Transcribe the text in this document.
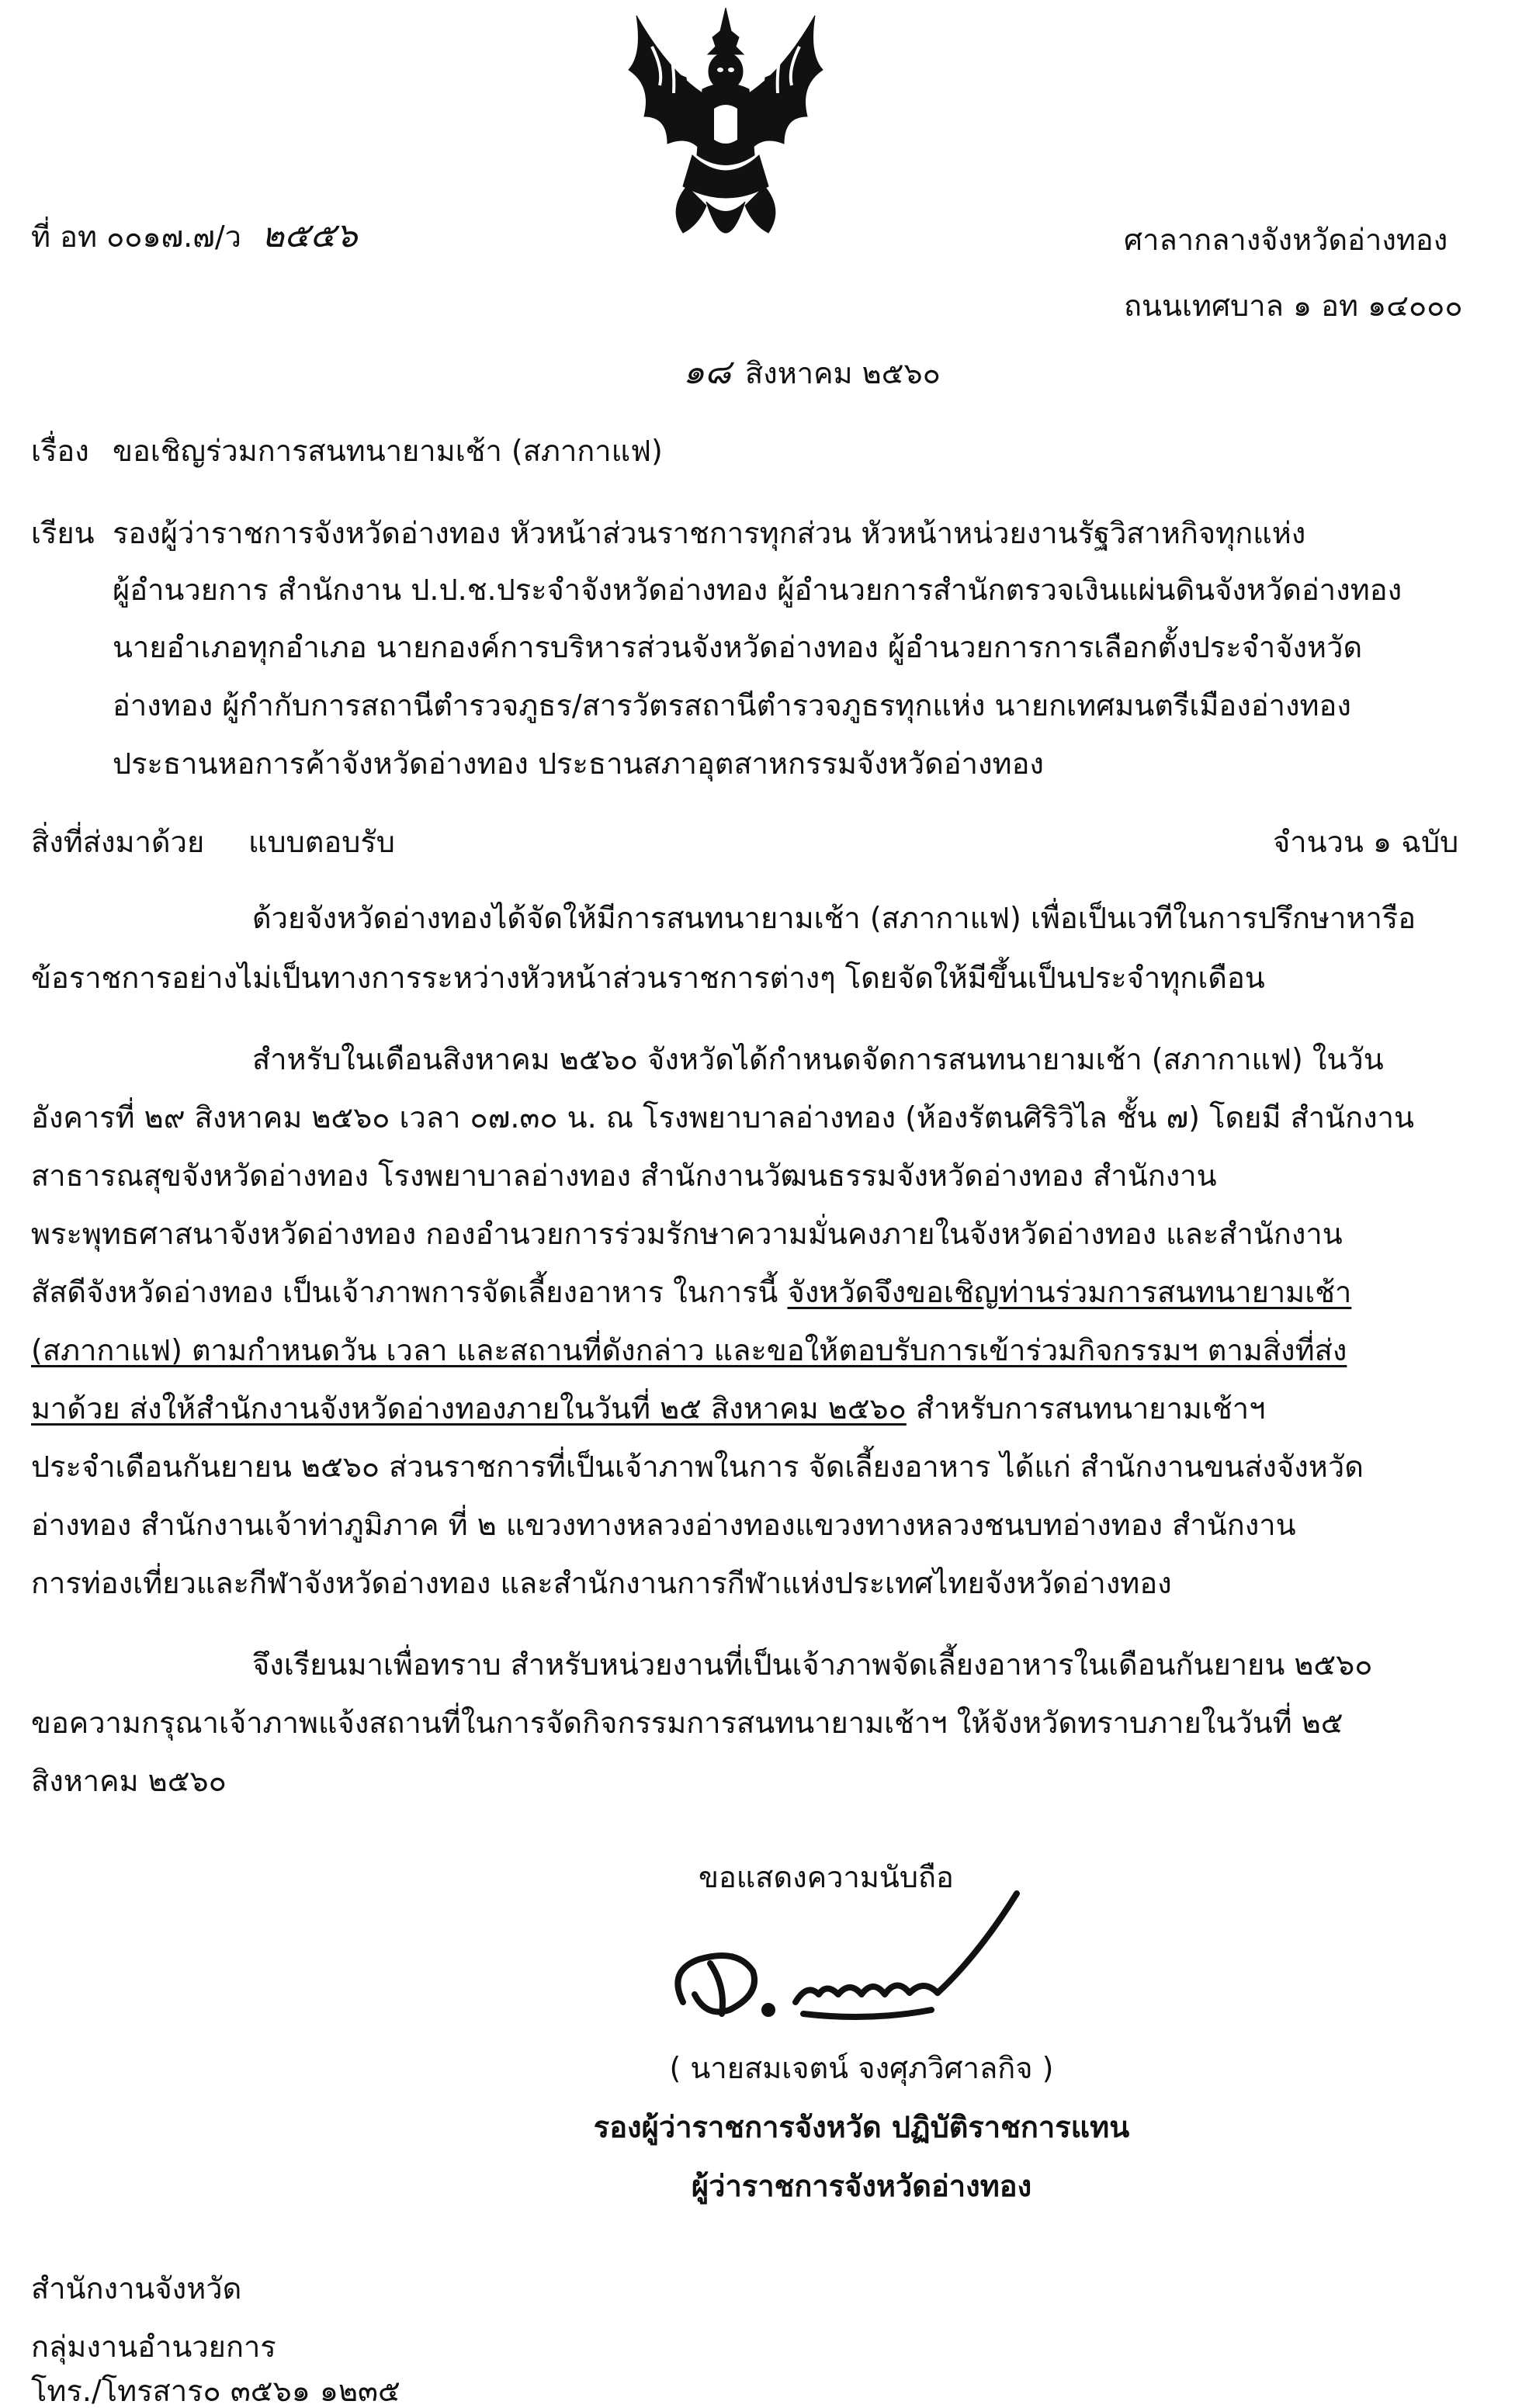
ที่ อท ๐๐๑๗.๗/ว ๒๕๕๖	ศาลากลางจังหวัดอ่างทอง
ถนนเทศบาล ๑ อท ๑๔๐๐๐
๑๘ สิงหาคม ๒๕๖๐
เรื่อง ขอเชิญร่วมการสนทนายามเช้า (สภากาแฟ)
เรียน รองผู้ว่าราชการจังหวัดอ่างทอง หัวหน้าส่วนราชการทุกส่วน หัวหน้าหน่วยงานรัฐวิสาหกิจทุกแห่ง
ผู้อำนวยการ สำนักงาน ป.ป.ช.ประจำจังหวัดอ่างทอง ผู้อำนวยการสำนักตรวจเงินแผ่นดินจังหวัดอ่างทอง
นายอำเภอทุกอำเภอ นายกองค์การบริหารส่วนจังหวัดอ่างทอง ผู้อำนวยการการเลือกตั้งประจำจังหวัด
อ่างทอง ผู้กำกับการสถานีตำรวจภูธร/สารวัตรสถานีตำรวจภูธรทุกแห่ง นายกเทศมนตรีเมืองอ่างทอง
ประธานหอการค้าจังหวัดอ่างทอง ประธานสภาอุตสาหกรรมจังหวัดอ่างทอง
สิ่งที่ส่งมาด้วย แบบตอบรับ	จำนวน ๑ ฉบับ
ด้วยจังหวัดอ่างทองได้จัดให้มีการสนทนายามเช้า (สภากาแฟ) เพื่อเป็นเวทีในการปรึกษาหารือ
ข้อราชการอย่างไม่เป็นทางการระหว่างหัวหน้าส่วนราชการต่างๆ โดยจัดให้มีขึ้นเป็นประจำทุกเดือน
สำหรับในเดือนสิงหาคม ๒๕๖๐ จังหวัดได้กำหนดจัดการสนทนายามเช้า (สภากาแฟ) ในวัน
อังคารที่ ๒๙ สิงหาคม ๒๕๖๐ เวลา ๐๗.๓๐ น. ณ โรงพยาบาลอ่างทอง (ห้องรัตนศิริวิไล ชั้น ๗) โดยมี สำนักงาน
สาธารณสุขจังหวัดอ่างทอง โรงพยาบาลอ่างทอง สำนักงานวัฒนธรรมจังหวัดอ่างทอง สำนักงาน
พระพุทธศาสนาจังหวัดอ่างทอง กองอำนวยการร่วมรักษาความมั่นคงภายในจังหวัดอ่างทอง และสำนักงาน
สัสดีจังหวัดอ่างทอง เป็นเจ้าภาพการจัดเลี้ยงอาหาร ในการนี้ จังหวัดจึงขอเชิญท่านร่วมการสนทนายามเช้า
(สภากาแฟ) ตามกำหนดวัน เวลา และสถานที่ดังกล่าว และขอให้ตอบรับการเข้าร่วมกิจกรรมฯ ตามสิ่งที่ส่ง
มาด้วย ส่งให้สำนักงานจังหวัดอ่างทองภายในวันที่ ๒๕ สิงหาคม ๒๕๖๐ สำหรับการสนทนายามเช้าฯ
ประจำเดือนกันยายน ๒๕๖๐ ส่วนราชการที่เป็นเจ้าภาพในการ จัดเลี้ยงอาหาร ได้แก่ สำนักงานขนส่งจังหวัด
อ่างทอง สำนักงานเจ้าท่าภูมิภาค ที่ ๒ แขวงทางหลวงอ่างทองแขวงทางหลวงชนบทอ่างทอง สำนักงาน
การท่องเที่ยวและกีฬาจังหวัดอ่างทอง และสำนักงานการกีฬาแห่งประเทศไทยจังหวัดอ่างทอง
จึงเรียนมาเพื่อทราบ สำหรับหน่วยงานที่เป็นเจ้าภาพจัดเลี้ยงอาหารในเดือนกันยายน ๒๕๖๐
ขอความกรุณาเจ้าภาพแจ้งสถานที่ในการจัดกิจกรรมการสนทนายามเช้าฯ ให้จังหวัดทราบภายในวันที่ ๒๕
สิงหาคม ๒๕๖๐
ขอแสดงความนับถือ
( นายสมเจตน์ จงศุภวิศาลกิจ )
รองผู้ว่าราชการจังหวัด ปฏิบัติราชการแทน
ผู้ว่าราชการจังหวัดอ่างทอง
สำนักงานจังหวัด
กลุ่มงานอำนวยการ
โทร./โทรสาร๐ ๓๕๖๑ ๑๒๓๕
